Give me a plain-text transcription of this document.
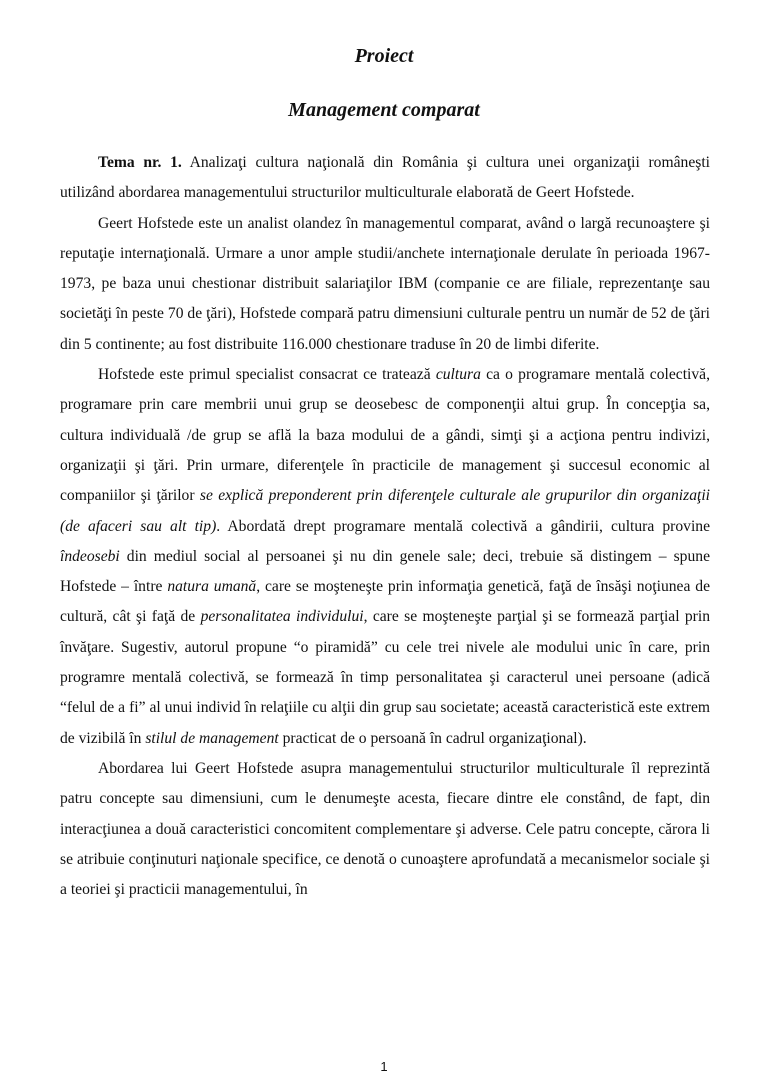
Proiect
Management comparat

Tema nr. 1. Analizaţi cultura naţională din România şi cultura unei organizaţii româneşti utilizând abordarea managementului structurilor multiculturale elaborată de Geert Hofstede.

Geert Hofstede este un analist olandez în managementul comparat, având o largă recunoaştere şi reputaţie internaţională. Urmare a unor ample studii/anchete internaţionale derulate în perioada 1967-1973, pe baza unui chestionar distribuit salariaţilor IBM (companie ce are filiale, reprezentanţe sau societăţi în peste 70 de ţări), Hofstede compară patru dimensiuni culturale pentru un număr de 52 de ţări din 5 continente; au fost distribuite 116.000 chestionare traduse în 20 de limbi diferite.

Hofstede este primul specialist consacrat ce tratează cultura ca o programare mentală colectivă, programare prin care membrii unui grup se deosebesc de componenţii altui grup. În concepţia sa, cultura individuală /de grup se află la baza modului de a gândi, simţi şi a acţiona pentru indivizi, organizaţii şi ţări. Prin urmare, diferenţele în practicile de management şi succesul economic al companiilor şi ţărilor se explică preponderent prin diferenţele culturale ale grupurilor din organizaţii (de afaceri sau alt tip). Abordată drept programare mentală colectivă a gândirii, cultura provine îndeosebi din mediul social al persoanei şi nu din genele sale; deci, trebuie să distingem – spune Hofstede – între natura umană, care se moşteneşte prin informaţia genetică, faţă de însăşi noţiunea de cultură, cât şi faţă de personalitatea individului, care se moşteneşte parţial şi se formează parţial prin învăţare. Sugestiv, autorul propune “o piramidă” cu cele trei nivele ale modului unic în care, prin programre mentală colectivă, se formează în timp personalitatea şi caracterul unei persoane (adică “felul de a fi” al unui individ în relaţiile cu alţii din grup sau societate; această caracteristică este extrem de vizibilă în stilul de management practicat de o persoană în cadrul organizaţional).

Abordarea lui Geert Hofstede asupra managementului structurilor multiculturale îl reprezintă patru concepte sau dimensiuni, cum le denumeşte acesta, fiecare dintre ele constând, de fapt, din interacţiunea a două caracteristici concomitent complementare şi adverse. Cele patru concepte, cărora li se atribuie conţinuturi naţionale specifice, ce denotă o cunoaştere aprofundată a mecanismelor sociale şi a teoriei şi practicii managementului, în

1
